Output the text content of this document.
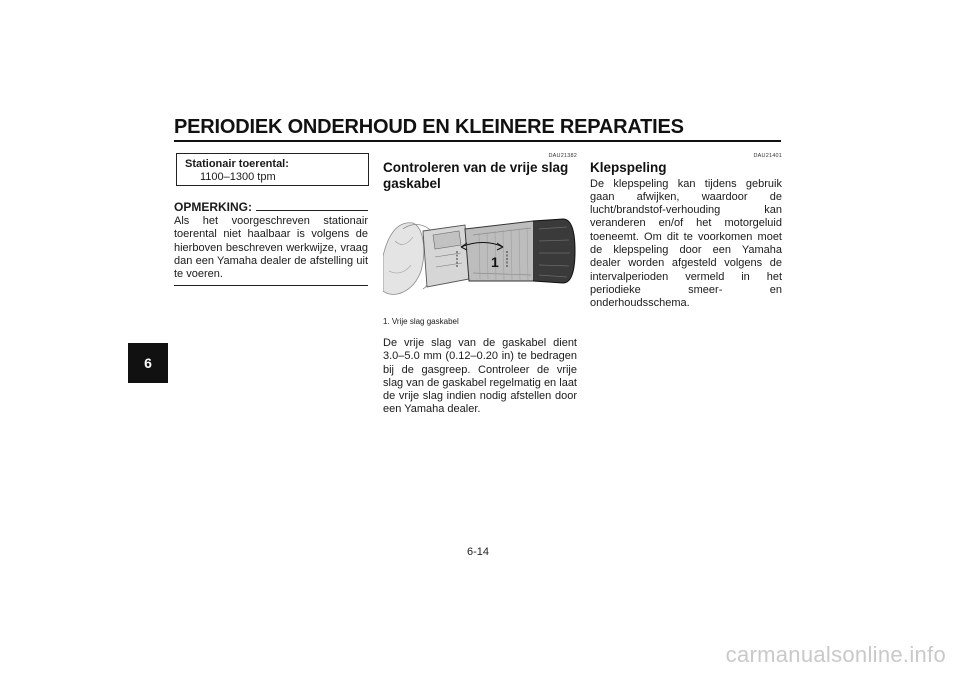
PERIODIEK ONDERHOUD EN KLEINERE REPARATIES
6
Stationair toerental:
1100–1300 tpm
OPMERKING:

Als het voorgeschreven stationair toerental niet haalbaar is volgens de hierboven beschreven werkwijze, vraag dan een Yamaha dealer de afstelling uit te voeren.

DAU21382
Controleren van de vrije slag gaskabel
1
1. Vrije slag gaskabel

De vrije slag van de gaskabel dient 3.0–5.0 mm (0.12–0.20 in) te bedragen bij de gasgreep. Controleer de vrije slag van de gaskabel regelmatig en laat de vrije slag indien nodig afstellen door een Yamaha dealer.

DAU21401
Klepspeling

De klepspeling kan tijdens gebruik gaan afwijken, waardoor de lucht/brandstof-verhouding kan veranderen en/of het motorgeluid toeneemt. Om dit te voorkomen moet de klepspeling door een Yamaha dealer worden afgesteld volgens de intervalperioden vermeld in het periodieke smeer- en onderhoudsschema.

6-14
carmanualsonline.info
